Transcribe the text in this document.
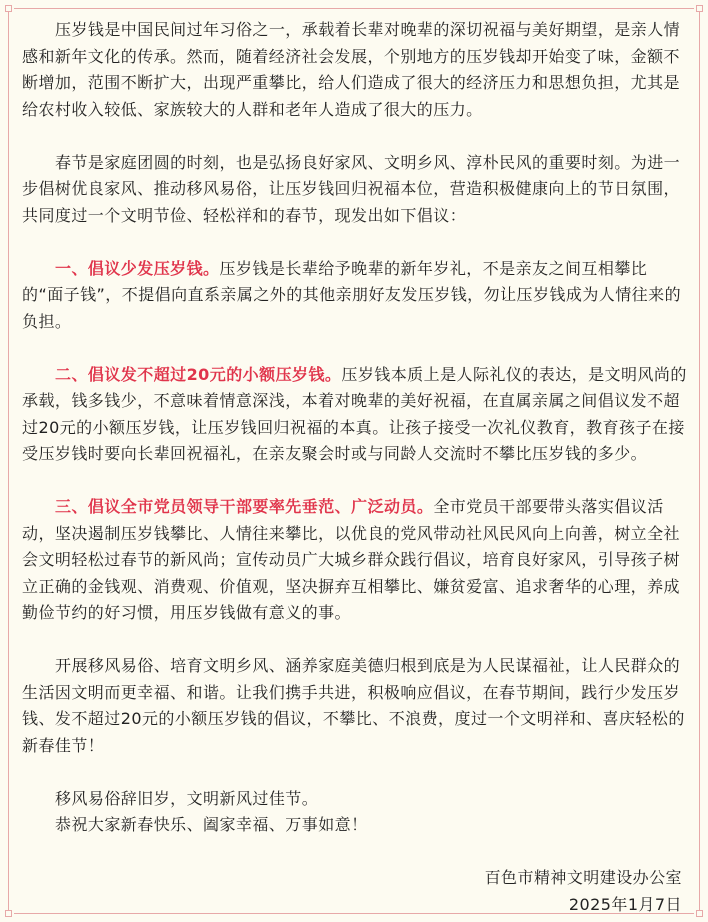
压岁钱是中国民间过年习俗之一，承载着长辈对晚辈的深切祝福与美好期望，是亲人情感和新年文化的传承。然而，随着经济社会发展，个别地方的压岁钱却开始变了味，金额不断增加，范围不断扩大，出现严重攀比，给人们造成了很大的经济压力和思想负担，尤其是给农村收入较低、家族较大的人群和老年人造成了很大的压力。

春节是家庭团圆的时刻，也是弘扬良好家风、文明乡风、淳朴民风的重要时刻。为进一步倡树优良家风、推动移风易俗，让压岁钱回归祝福本位，营造积极健康向上的节日氛围，共同度过一个文明节俭、轻松祥和的春节，现发出如下倡议：

一、倡议少发压岁钱。压岁钱是长辈给予晚辈的新年岁礼，不是亲友之间互相攀比的“面子钱”，不提倡向直系亲属之外的其他亲朋好友发压岁钱，勿让压岁钱成为人情往来的负担。

二、倡议发不超过20元的小额压岁钱。压岁钱本质上是人际礼仪的表达，是文明风尚的承载，钱多钱少，不意味着情意深浅，本着对晚辈的美好祝福，在直属亲属之间倡议发不超过20元的小额压岁钱，让压岁钱回归祝福的本真。让孩子接受一次礼仪教育，教育孩子在接受压岁钱时要向长辈回祝福礼，在亲友聚会时或与同龄人交流时不攀比压岁钱的多少。

三、倡议全市党员领导干部要率先垂范、广泛动员。全市党员干部要带头落实倡议活动，坚决遏制压岁钱攀比、人情往来攀比，以优良的党风带动社风民风向上向善，树立全社会文明轻松过春节的新风尚；宣传动员广大城乡群众践行倡议，培育良好家风，引导孩子树立正确的金钱观、消费观、价值观，坚决摒弃互相攀比、嫌贫爱富、追求奢华的心理，养成勤俭节约的好习惯，用压岁钱做有意义的事。

开展移风易俗、培育文明乡风、涵养家庭美德归根到底是为人民谋福祉，让人民群众的生活因文明而更幸福、和谐。让我们携手共进，积极响应倡议，在春节期间，践行少发压岁钱、发不超过20元的小额压岁钱的倡议，不攀比、不浪费，度过一个文明祥和、喜庆轻松的新春佳节！

移风易俗辞旧岁，文明新风过佳节。

恭祝大家新春快乐、阖家幸福、万事如意！

百色市精神文明建设办公室

2025年1月7日
